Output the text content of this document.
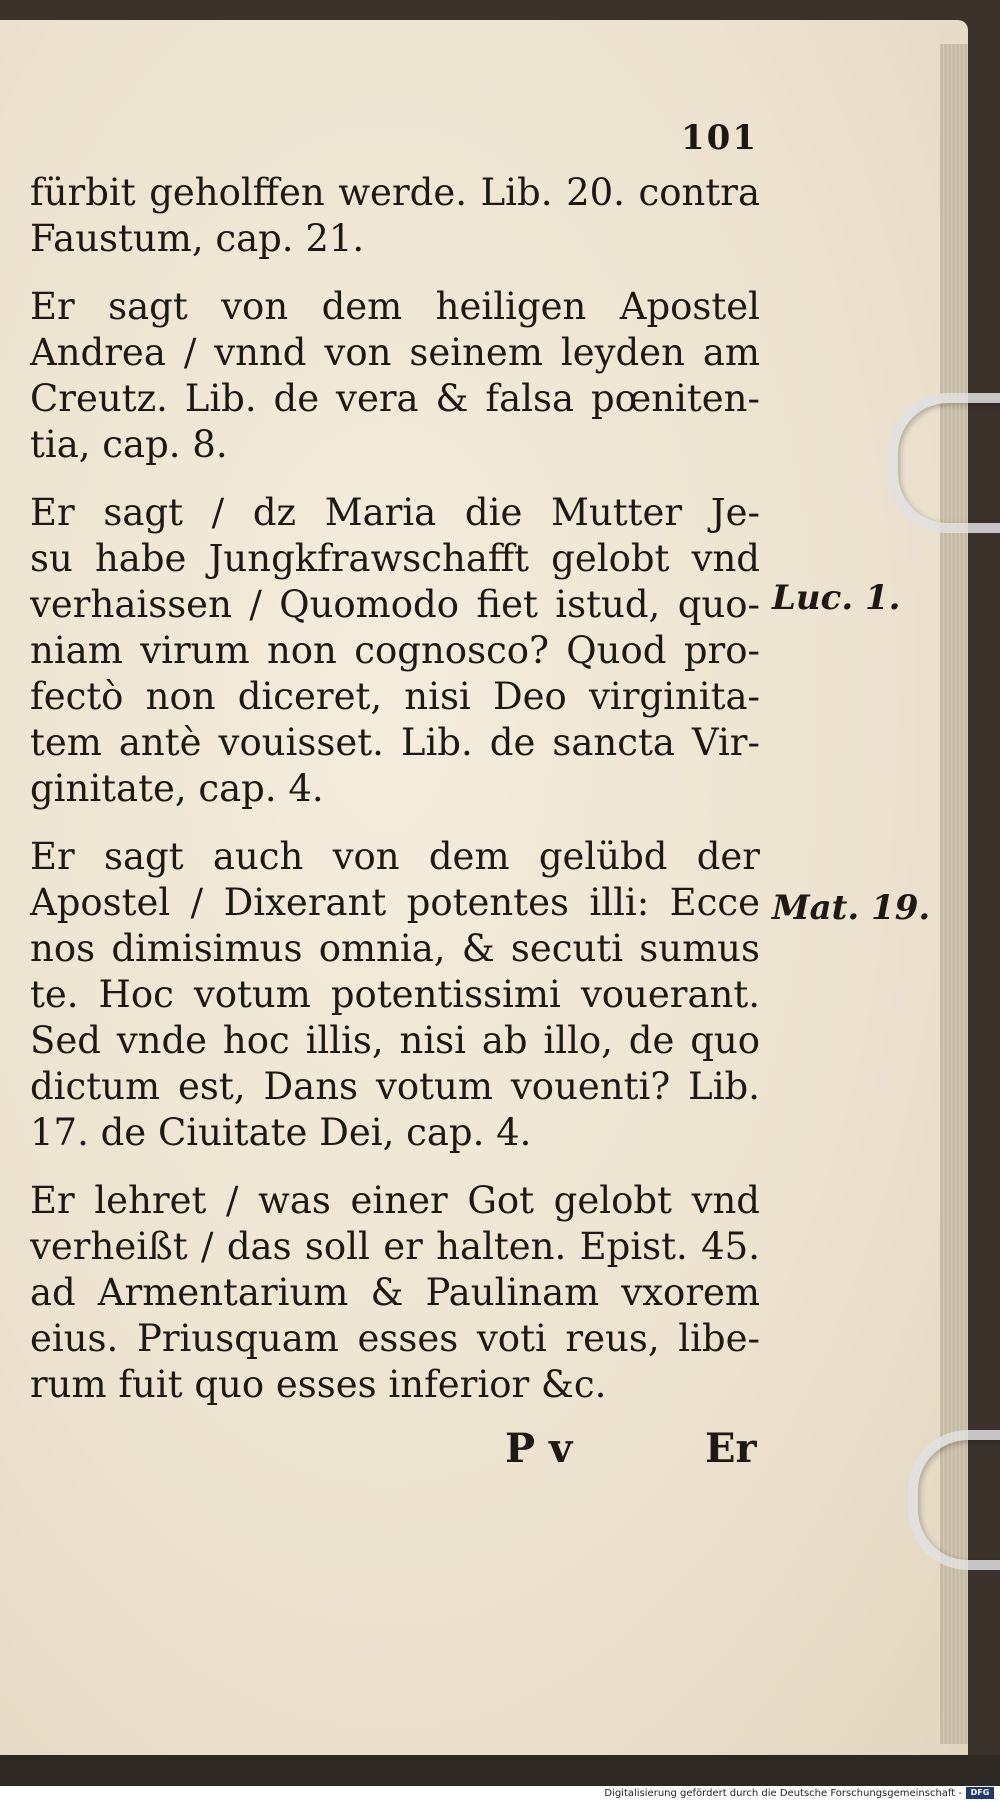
101
fürbit geholffen werde. Lib. 20. contra
Faustum, cap. 21.
Er sagt von dem heiligen Apostel
Andrea / vnnd von seinem leyden am
Creutz. Lib. de vera & falsa pœniten-
tia, cap. 8.
Er sagt / dz Maria die Mutter Je-
su habe Jungkfrawschafft gelobt vnd
verhaissen / Quomodo fiet istud, quo-
niam virum non cognosco? Quod pro-
fectò non diceret, nisi Deo virginita-
tem antè vouisset. Lib. de sancta Vir-
ginitate, cap. 4.
Er sagt auch von dem gelübd der
Apostel / Dixerant potentes illi: Ecce
nos dimisimus omnia, & secuti sumus
te. Hoc votum potentissimi vouerant.
Sed vnde hoc illis, nisi ab illo, de quo
dictum est, Dans votum vouenti? Lib.
17. de Ciuitate Dei, cap. 4.
Er lehret / was einer Got gelobt vnd
verheißt / das soll er halten. Epist. 45.
ad Armentarium & Paulinam vxorem
eius. Priusquam esses voti reus, libe-
rum fuit quo esses inferior &c.
Luc. 1.
Mat. 19.
P v	Er
Digitalisierung gefördert durch die Deutsche Forschungsgemeinschaft -	DFG
